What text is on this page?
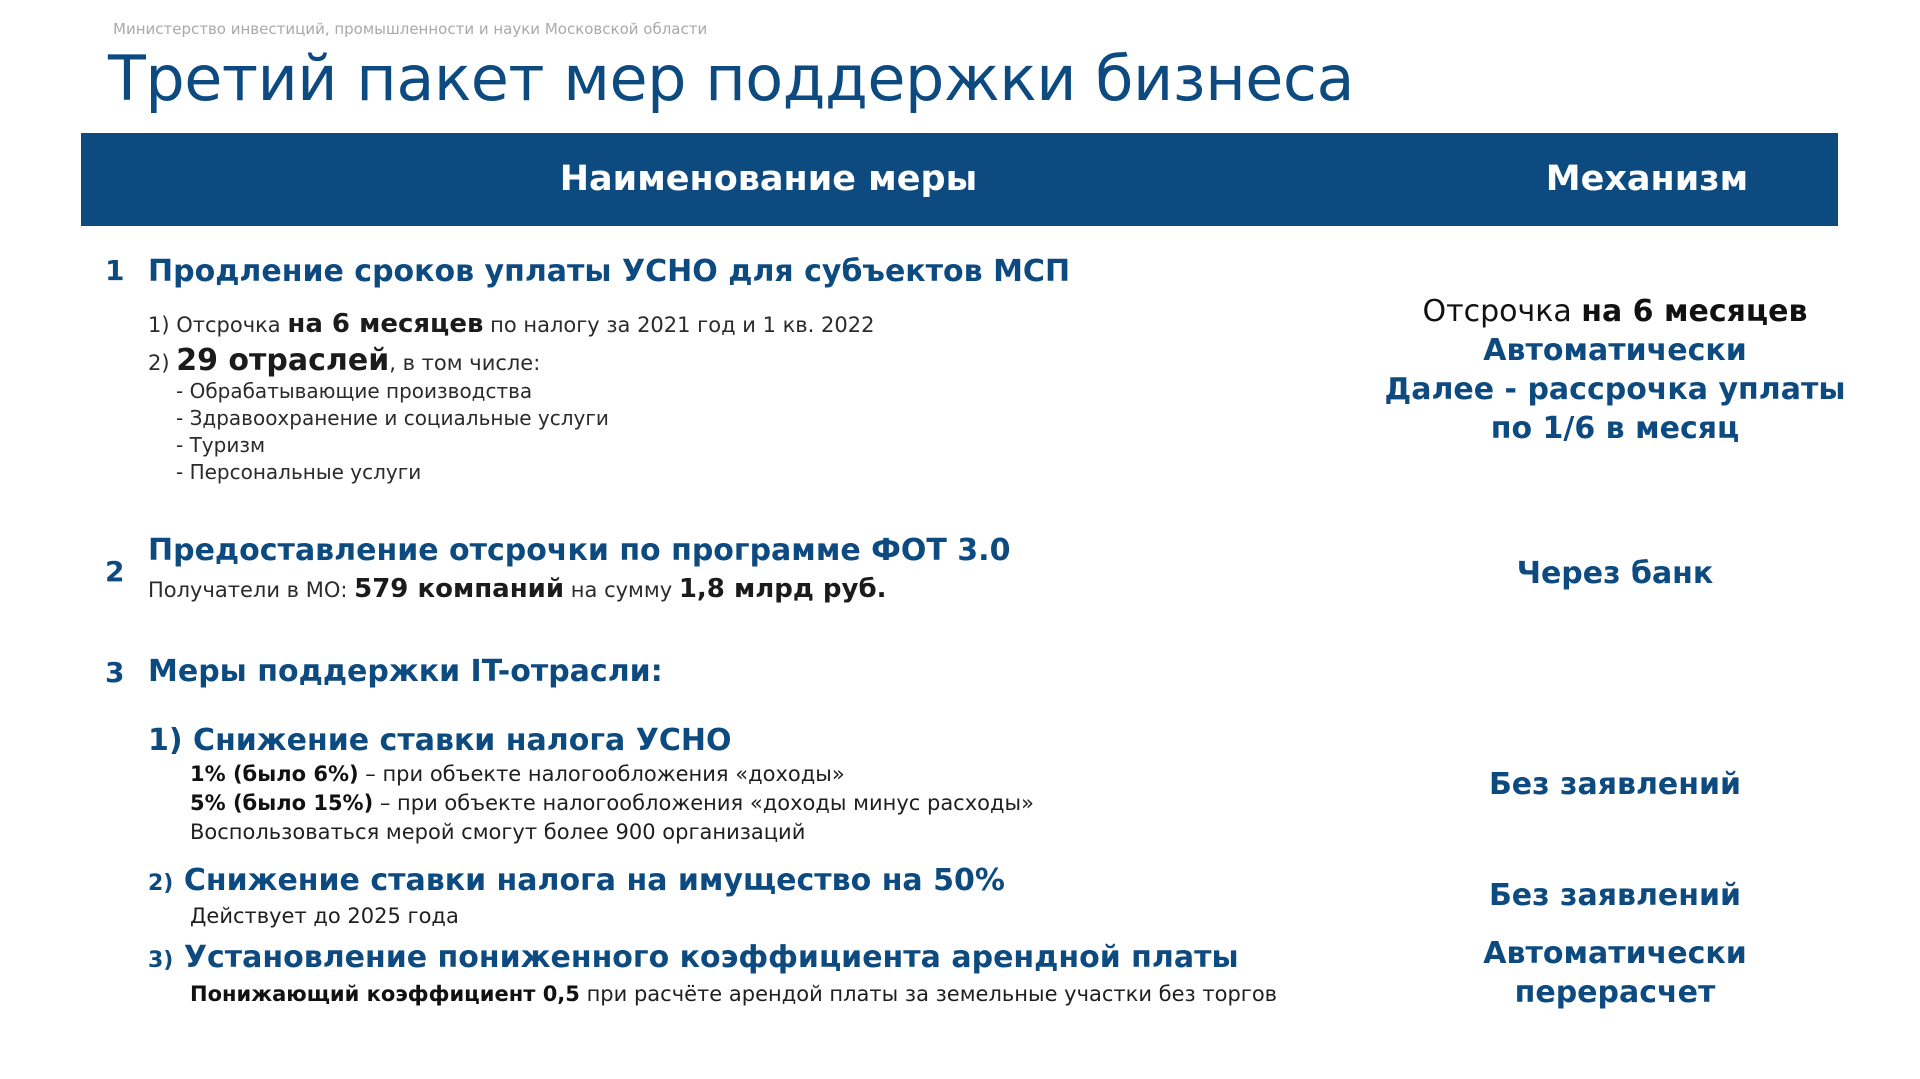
Министерство инвестиций, промышленности и науки Московской области
Третий пакет мер поддержки бизнеса
Наименование меры	Механизм
1 Продление сроков уплаты УСНО для субъектов МСП
1) Отсрочка на 6 месяцев по налогу за 2021 год и 1 кв. 2022
2) 29 отраслей, в том числе:
- Обрабатывающие производства
- Здравоохранение и социальные услуги
- Туризм
- Персональные услуги
Отсрочка на 6 месяцев
Автоматически
Далее - рассрочка уплаты
по 1/6 в месяц
2
Предоставление отсрочки по программе ФОТ 3.0
Получатели в МО: 579 компаний на сумму 1,8 млрд руб.	Через банк
3 Меры поддержки IT-отрасли:
1) Снижение ставки налога УСНО
1% (было 6%) – при объекте налогообложения «доходы»
5% (было 15%) – при объекте налогообложения «доходы минус расходы»
Воспользоваться мерой смогут более 900 организаций
Без заявлений
2) Снижение ставки налога на имущество на 50%
Действует до 2025 года
Без заявлений
3) Установление пониженного коэффициента арендной платы
Понижающий коэффициент 0,5 при расчёте арендой платы за земельные участки без торгов
Автоматически
перерасчет
